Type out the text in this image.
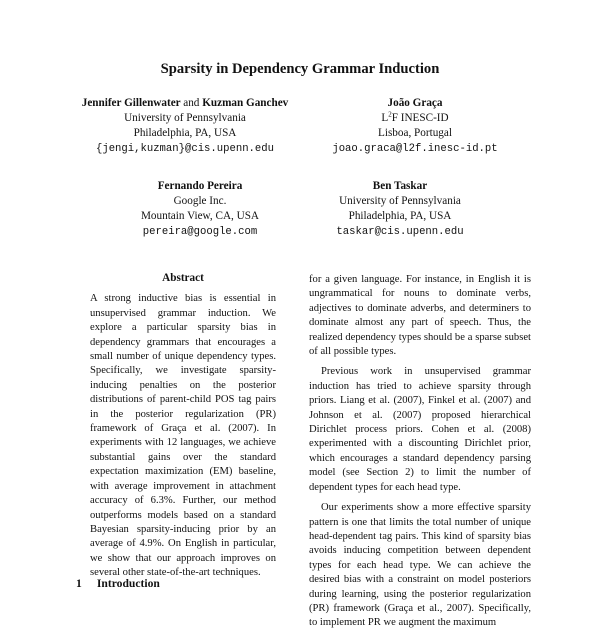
Sparsity in Dependency Grammar Induction
Jennifer Gillenwater and Kuzman Ganchev
University of Pennsylvania
Philadelphia, PA, USA
{jengi,kuzman}@cis.upenn.edu
João Graça
$L^2F$ INESC-ID
Lisboa, Portugal
joao.graca@l2f.inesc-id.pt
Fernando Pereira
Google Inc.
Mountain View, CA, USA
pereira@google.com
Ben Taskar
University of Pennsylvania
Philadelphia, PA, USA
taskar@cis.upenn.edu
Abstract

A strong inductive bias is essential in unsupervised grammar induction. We explore a particular sparsity bias in dependency grammars that encourages a small number of unique dependency types. Specifically, we investigate sparsity-inducing penalties on the posterior distributions of parent-child POS tag pairs in the posterior regularization (PR) framework of Graça et al. (2007). In experiments with 12 languages, we achieve substantial gains over the standard expectation maximization (EM) baseline, with average improvement in attachment accuracy of 6.3%. Further, our method outperforms models based on a standard Bayesian sparsity-inducing prior by an average of 4.9%. On English in particular, we show that our approach improves on several other state-of-the-art techniques.

1 Introduction

for a given language. For instance, in English it is ungrammatical for nouns to dominate verbs, adjectives to dominate adverbs, and determiners to dominate almost any part of speech. Thus, the realized dependency types should be a sparse subset of all possible types.

Previous work in unsupervised grammar induction has tried to achieve sparsity through priors. Liang et al. (2007), Finkel et al. (2007) and Johnson et al. (2007) proposed hierarchical Dirichlet process priors. Cohen et al. (2008) experimented with a discounting Dirichlet prior, which encourages a standard dependency parsing model (see Section 2) to limit the number of dependent types for each head type.

Our experiments show a more effective sparsity pattern is one that limits the total number of unique head-dependent tag pairs. This kind of sparsity bias avoids inducing competition between dependent types for each head type. We can achieve the desired bias with a constraint on model posteriors during learning, using the posterior regularization (PR) framework (Graça et al., 2007). Specifically, to implement PR we augment the maximum
